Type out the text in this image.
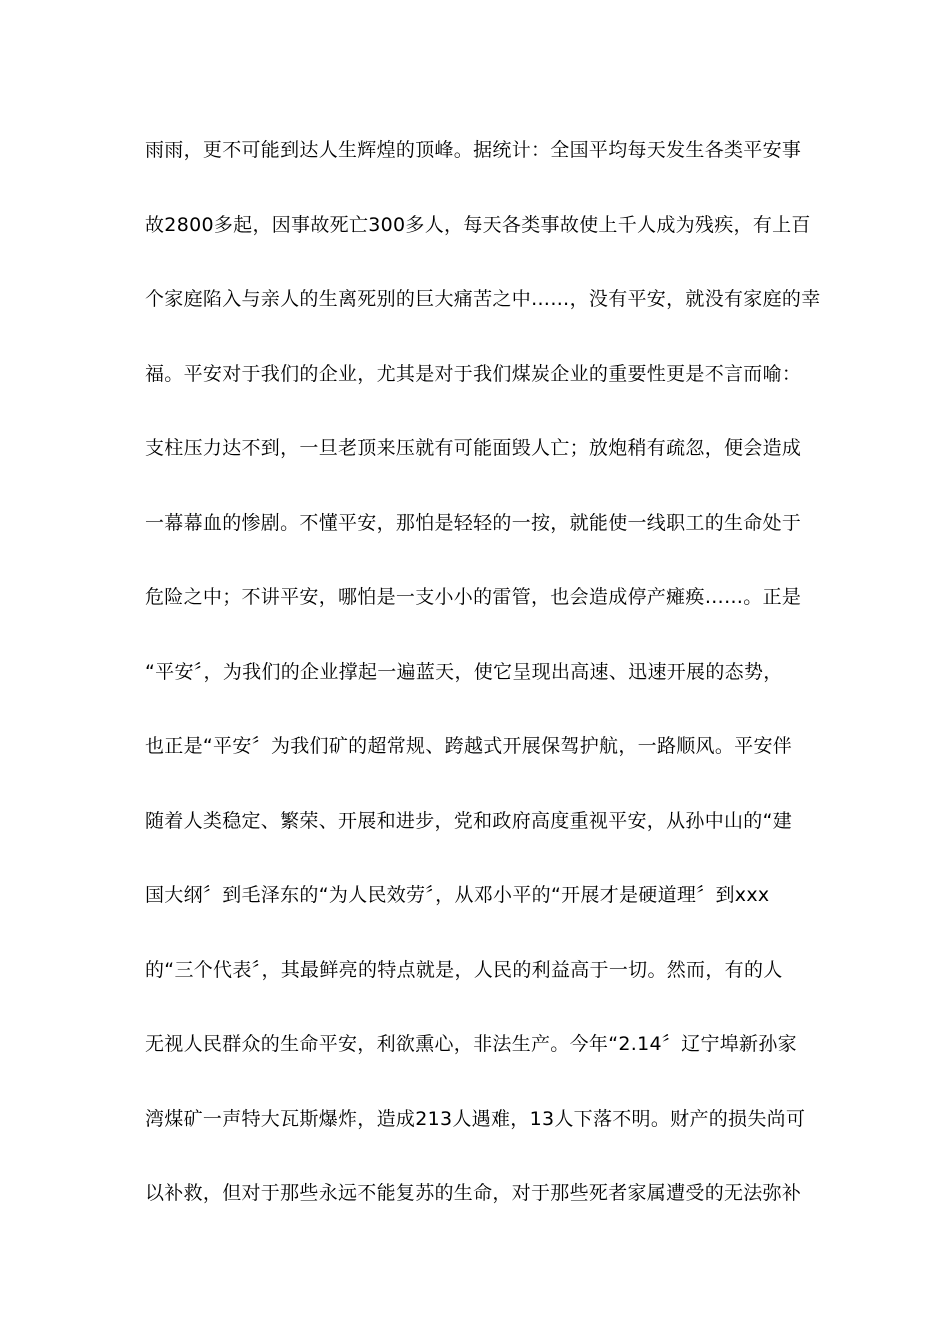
雨雨，更不可能到达人生辉煌的顶峰。据统计：全国平均每天发生各类平安事
故2800多起，因事故死亡300多人，每天各类事故使上千人成为残疾，有上百
个家庭陷入与亲人的生离死别的巨大痛苦之中……，没有平安，就没有家庭的幸
福。平安对于我们的企业，尤其是对于我们煤炭企业的重要性更是不言而喻：
支柱压力达不到，一旦老顶来压就有可能面毁人亡；放炮稍有疏忽，便会造成
一幕幕血的惨剧。不懂平安，那怕是轻轻的一按，就能使一线职工的生命处于
危险之中；不讲平安，哪怕是一支小小的雷管，也会造成停产瘫痪……。正是
“平安〞，为我们的企业撑起一遍蓝天，使它呈现出高速、迅速开展的态势，
也正是“平安〞为我们矿的超常规、跨越式开展保驾护航，一路顺风。平安伴
随着人类稳定、繁荣、开展和进步，党和政府高度重视平安，从孙中山的“建
国大纲〞到毛泽东的“为人民效劳〞，从邓小平的“开展才是硬道理〞到xxx
的“三个代表〞，其最鲜亮的特点就是，人民的利益高于一切。然而，有的人
无视人民群众的生命平安，利欲熏心，非法生产。今年“2.14〞辽宁埠新孙家
湾煤矿一声特大瓦斯爆炸，造成213人遇难，13人下落不明。财产的损失尚可
以补救，但对于那些永远不能复苏的生命，对于那些死者家属遭受的无法弥补
